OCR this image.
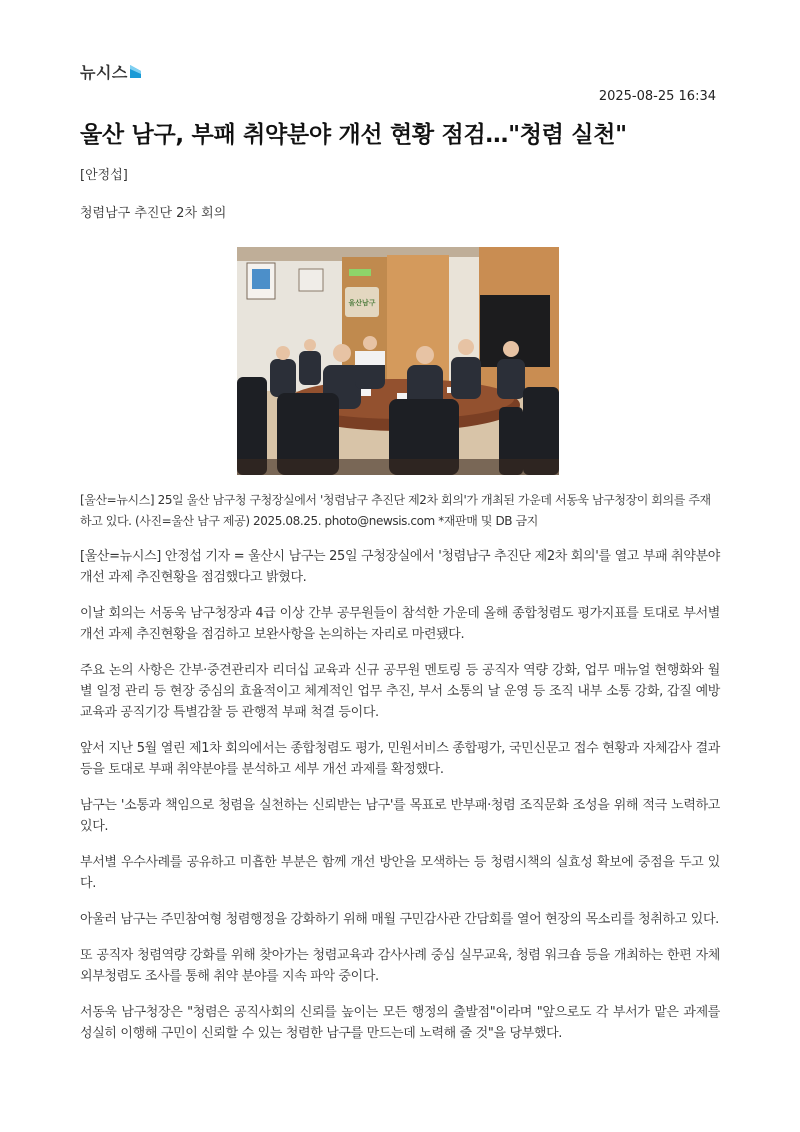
뉴시스
2025-08-25 16:34
울산 남구, 부패 취약분야 개선 현황 점검…"청렴 실천"
[안정섭]
청렴남구 추진단 2차 회의
울산남구
[울산=뉴시스] 25일 울산 남구청 구청장실에서 '청렴남구 추진단 제2차 회의'가 개최된 가운데 서동욱 남구청장이 회의를 주재하고 있다. (사진=울산 남구 제공) 2025.08.25. photo@newsis.com *재판매 및 DB 금지

[울산=뉴시스] 안정섭 기자 = 울산시 남구는 25일 구청장실에서 '청렴남구 추진단 제2차 회의'를 열고 부패 취약분야 개선 과제 추진현황을 점검했다고 밝혔다.

이날 회의는 서동욱 남구청장과 4급 이상 간부 공무원들이 참석한 가운데 올해 종합청렴도 평가지표를 토대로 부서별 개선 과제 추진현황을 점검하고 보완사항을 논의하는 자리로 마련됐다.

주요 논의 사항은 간부·중견관리자 리더십 교육과 신규 공무원 멘토링 등 공직자 역량 강화, 업무 매뉴얼 현행화와 월별 일정 관리 등 현장 중심의 효율적이고 체계적인 업무 추진, 부서 소통의 날 운영 등 조직 내부 소통 강화, 갑질 예방 교육과 공직기강 특별감찰 등 관행적 부패 척결 등이다.

앞서 지난 5월 열린 제1차 회의에서는 종합청렴도 평가, 민원서비스 종합평가, 국민신문고 접수 현황과 자체감사 결과 등을 토대로 부패 취약분야를 분석하고 세부 개선 과제를 확정했다.

남구는 '소통과 책임으로 청렴을 실천하는 신뢰받는 남구'를 목표로 반부패·청렴 조직문화 조성을 위해 적극 노력하고 있다.

부서별 우수사례를 공유하고 미흡한 부분은 함께 개선 방안을 모색하는 등 청렴시책의 실효성 확보에 중점을 두고 있다.

아울러 남구는 주민참여형 청렴행정을 강화하기 위해 매월 구민감사관 간담회를 열어 현장의 목소리를 청취하고 있다.

또 공직자 청렴역량 강화를 위해 찾아가는 청렴교육과 감사사례 중심 실무교육, 청렴 워크숍 등을 개최하는 한편 자체 외부청렴도 조사를 통해 취약 분야를 지속 파악 중이다.

서동욱 남구청장은 "청렴은 공직사회의 신뢰를 높이는 모든 행정의 출발점"이라며 "앞으로도 각 부서가 맡은 과제를 성실히 이행해 구민이 신뢰할 수 있는 청렴한 남구를 만드는데 노력해 줄 것"을 당부했다.
